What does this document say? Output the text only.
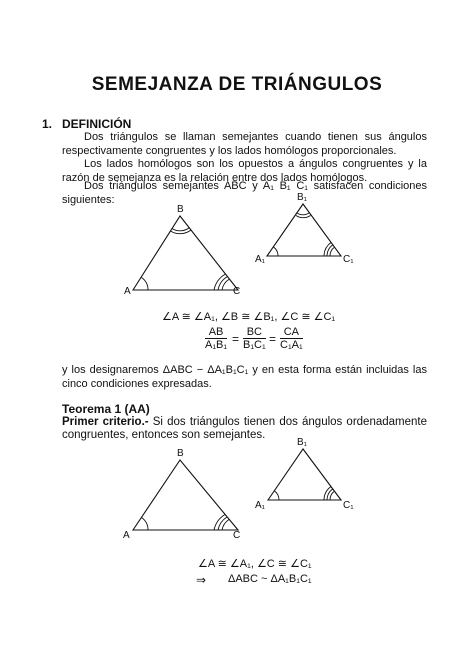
SEMEJANZA DE TRIÁNGULOS
1. DEFINICIÓN
Dos triángulos se llaman semejantes cuando tienen sus ángulos respectivamente congruentes y los lados homólogos proporcionales.
Los lados homólogos son los opuestos a ángulos congruentes y la razón de semejanza es la relación entre dos lados homólogos.
Dos triángulos semejantes ABC y A₁ B₁ C₁ satisfacen condiciones siguientes:
A
B
C
A₁
B₁
C₁
A
B
C
A₁
B₁
C₁
∠A ≅ ∠A₁, ∠B ≅ ∠B₁, ∠C ≅ ∠C₁
$\frac{AB}{\text{A₁B₁}} = \frac{BC}{\text{B₁C₁}} = \frac{CA}{\text{C₁A₁}}$
y los designaremos ΔABC − ΔA₁B₁C₁ y en esta forma están incluidas las cinco condiciones expresadas.
Teorema 1 (AA)
Primer criterio.- Si dos triángulos tienen dos ángulos ordenadamente congruentes, entonces son semejantes.
∠A ≅ ∠A₁, ∠C ≅ ∠C₁
⇒ ΔABC ~ ΔA₁B₁C₁
